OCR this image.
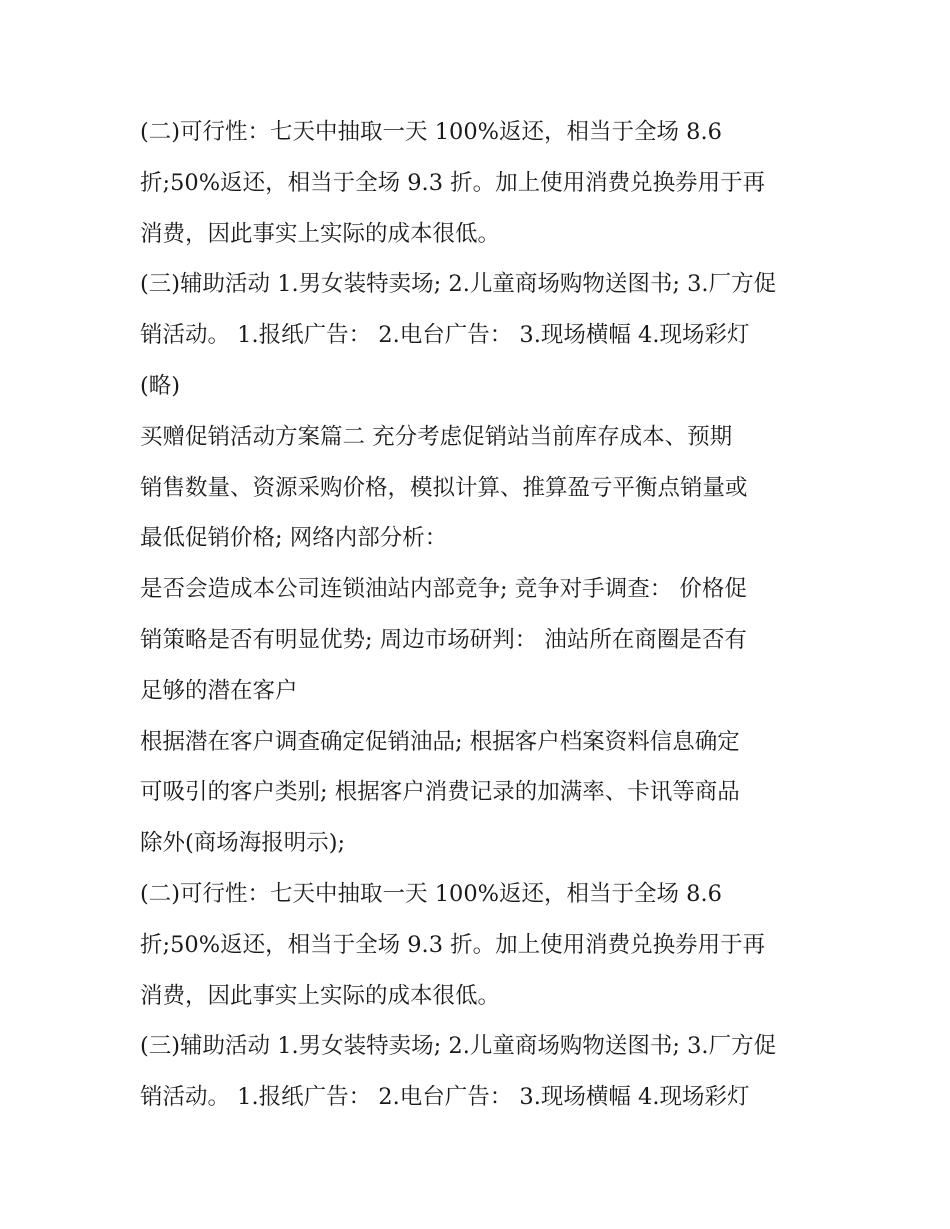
(二)可行性：七天中抽取一天 100%返还，相当于全场 8.6
折;50%返还，相当于全场 9.3 折。加上使用消费兑换券用于再
消费，因此事实上实际的成本很低。
(三)辅助活动 1.男女装特卖场; 2.儿童商场购物送图书; 3.厂方促
销活动。 1.报纸广告： 2.电台广告： 3.现场横幅 4.现场彩灯
(略)
买赠促销活动方案篇二 充分考虑促销站当前库存成本、预期
销售数量、资源采购价格，模拟计算、推算盈亏平衡点销量或
最低促销价格; 网络内部分析：
是否会造成本公司连锁油站内部竞争; 竞争对手调查： 价格促
销策略是否有明显优势; 周边市场研判： 油站所在商圈是否有
足够的潜在客户
根据潜在客户调查确定促销油品; 根据客户档案资料信息确定
可吸引的客户类别; 根据客户消费记录的加满率、卡讯等商品
除外(商场海报明示);
(二)可行性：七天中抽取一天 100%返还，相当于全场 8.6
折;50%返还，相当于全场 9.3 折。加上使用消费兑换券用于再
消费，因此事实上实际的成本很低。
(三)辅助活动 1.男女装特卖场; 2.儿童商场购物送图书; 3.厂方促
销活动。 1.报纸广告： 2.电台广告： 3.现场横幅 4.现场彩灯
